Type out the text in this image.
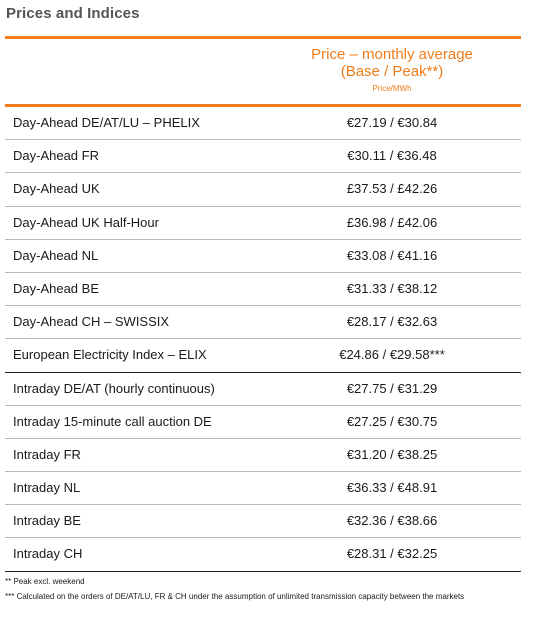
Prices and Indices
Price – monthly average
(Base / Peak**)
Price/MWh
Day-Ahead DE/AT/LU – PHELIX	€27.19 / €30.84
Day-Ahead FR	€30.11 / €36.48
Day-Ahead UK	£37.53 / £42.26
Day-Ahead UK Half-Hour	£36.98 / £42.06
Day-Ahead NL	€33.08 / €41.16
Day-Ahead BE	€31.33 / €38.12
Day-Ahead CH – SWISSIX	€28.17 / €32.63
European Electricity Index – ELIX	€24.86 / €29.58***
Intraday DE/AT (hourly continuous)	€27.75 / €31.29
Intraday 15-minute call auction DE	€27.25 / €30.75
Intraday FR	€31.20 / €38.25
Intraday NL	€36.33 / €48.91
Intraday BE	€32.36 / €38.66
Intraday CH	€28.31 / €32.25
** Peak excl. weekend
*** Calculated on the orders of DE/AT/LU, FR & CH under the assumption of unlimited transmission capacity between the markets
